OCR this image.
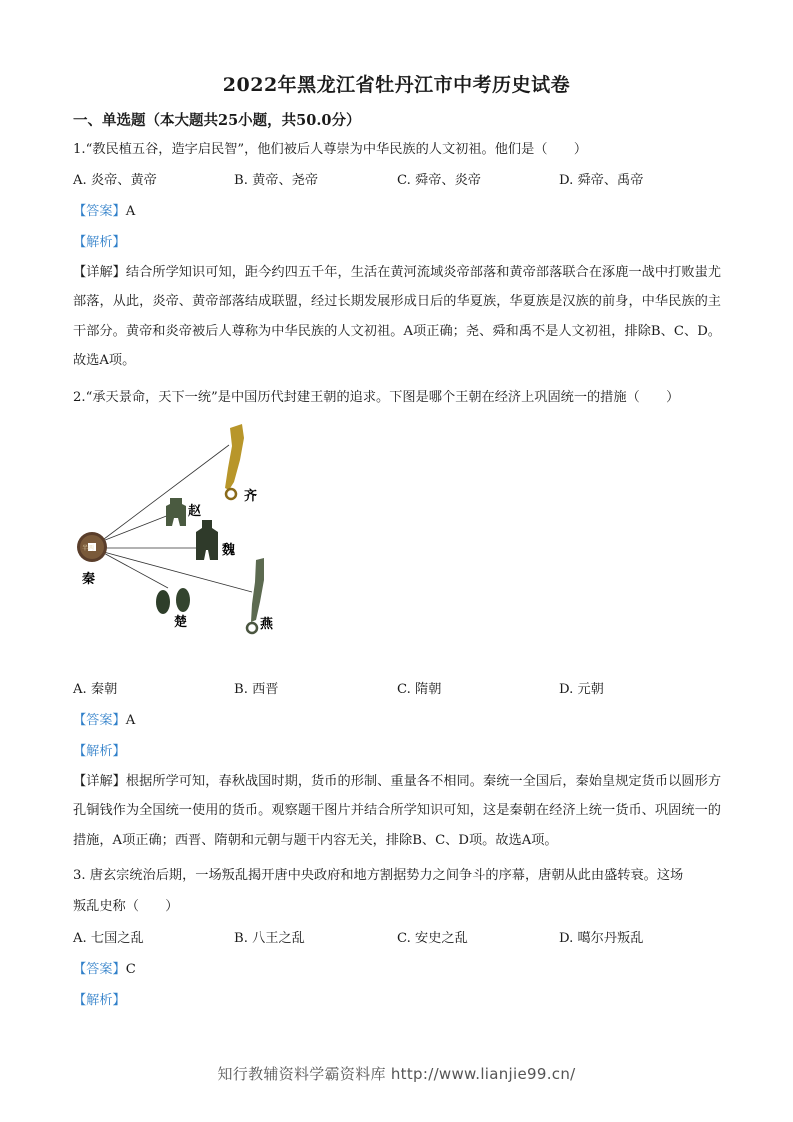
2022年黑龙江省牡丹江市中考历史试卷
一、单选题（本大题共25小题，共50.0分）
1.“教民植五谷，造字启民智”，他们被后人尊崇为中华民族的人文初祖。他们是（　　）
A. 炎帝、黄帝	B. 黄帝、尧帝	C. 舜帝、炎帝	D. 舜帝、禹帝
【答案】A
【解析】
【详解】结合所学知识可知，距今约四五千年，生活在黄河流域炎帝部落和黄帝部落联合在涿鹿一战中打败蚩尤部落，从此，炎帝、黄帝部落结成联盟，经过长期发展形成日后的华夏族，华夏族是汉族的前身，中华民族的主干部分。黄帝和炎帝被后人尊称为中华民族的人文初祖。A项正确；尧、舜和禹不是人文初祖，排除B、C、D。故选A项。
2.“承天景命，天下一统”是中国历代封建王朝的追求。下图是哪个王朝在经济上巩固统一的措施（　　）
半两
秦
齐
赵
魏
燕
楚
A. 秦朝	B. 西晋	C. 隋朝	D. 元朝
【答案】A
【解析】
【详解】根据所学可知，春秋战国时期，货币的形制、重量各不相同。秦统一全国后，秦始皇规定货币以圆形方孔铜钱作为全国统一使用的货币。观察题干图片并结合所学知识可知，这是秦朝在经济上统一货币、巩固统一的措施，A项正确；西晋、隋朝和元朝与题干内容无关，排除B、C、D项。故选A项。
3. 唐玄宗统治后期，一场叛乱揭开唐中央政府和地方割据势力之间争斗的序幕，唐朝从此由盛转衰。这场
叛乱史称（　　）
A. 七国之乱	B. 八王之乱	C. 安史之乱	D. 噶尔丹叛乱
【答案】C
【解析】
知行教辅资料学霸资料库 http://www.lianjie99.cn/
